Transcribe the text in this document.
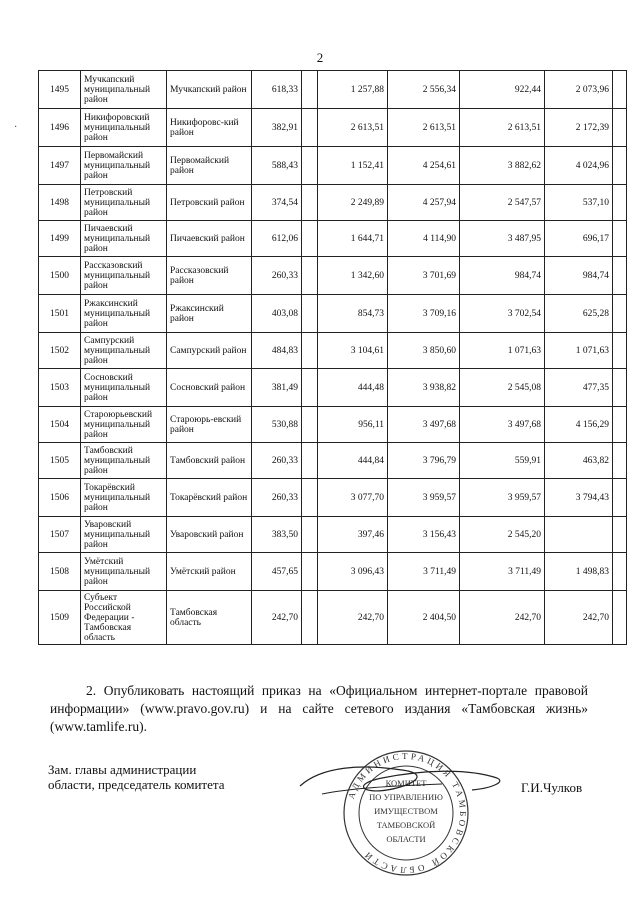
2
·
1495	Мучкапский муниципальный район	Мучкапский район	618,33		1 257,88	2 556,34	922,44	2 073,96	
1496	Никифоровский муниципальный район	Никифоровс-кий район	382,91		2 613,51	2 613,51	2 613,51	2 172,39	
1497	Первомайский муниципальный район	Первомайский район	588,43		1 152,41	4 254,61	3 882,62	4 024,96	
1498	Петровский муниципальный район	Петровский район	374,54		2 249,89	4 257,94	2 547,57	537,10	
1499	Пичаевский муниципальный район	Пичаевский район	612,06		1 644,71	4 114,90	3 487,95	696,17	
1500	Рассказовский муниципальный район	Рассказовский район	260,33		1 342,60	3 701,69	984,74	984,74	
1501	Ржаксинский муниципальный район	Ржаксинский район	403,08		854,73	3 709,16	3 702,54	625,28	
1502	Сампурский муниципальный район	Сампурский район	484,83		3 104,61	3 850,60	1 071,63	1 071,63	
1503	Сосновский муниципальный район	Сосновский район	381,49		444,48	3 938,82	2 545,08	477,35	
1504	Староюрьевский муниципальный район	Староюрь-евский район	530,88		956,11	3 497,68	3 497,68	4 156,29	
1505	Тамбовский муниципальный район	Тамбовский район	260,33		444,84	3 796,79	559,91	463,82	
1506	Токарёвский муниципальный район	Токарёвский район	260,33		3 077,70	3 959,57	3 959,57	3 794,43	
1507	Уваровский муниципальный район	Уваровский район	383,50		397,46	3 156,43	2 545,20		
1508	Умётский муниципальный район	Умётский район	457,65		3 096,43	3 711,49	3 711,49	1 498,83	
1509	Субъект Российской Федерации - Тамбовская область	Тамбовская область	242,70		242,70	2 404,50	242,70	242,70	
2. Опубликовать настоящий приказ на «Официальном интернет-портале правовой информации» (www.pravo.gov.ru) и на сайте сетевого издания «Тамбовская жизнь» (www.tamlife.ru).
Зам. главы администрации
области, председатель комитета	Г.И.Чулков
АДМИНИСТРАЦИЯ ТАМБОВСКОЙ ОБЛАСТИ
КОМИТЕТ
ПО УПРАВЛЕНИЮ
ИМУЩЕСТВОМ
ТАМБОВСКОЙ
ОБЛАСТИ
